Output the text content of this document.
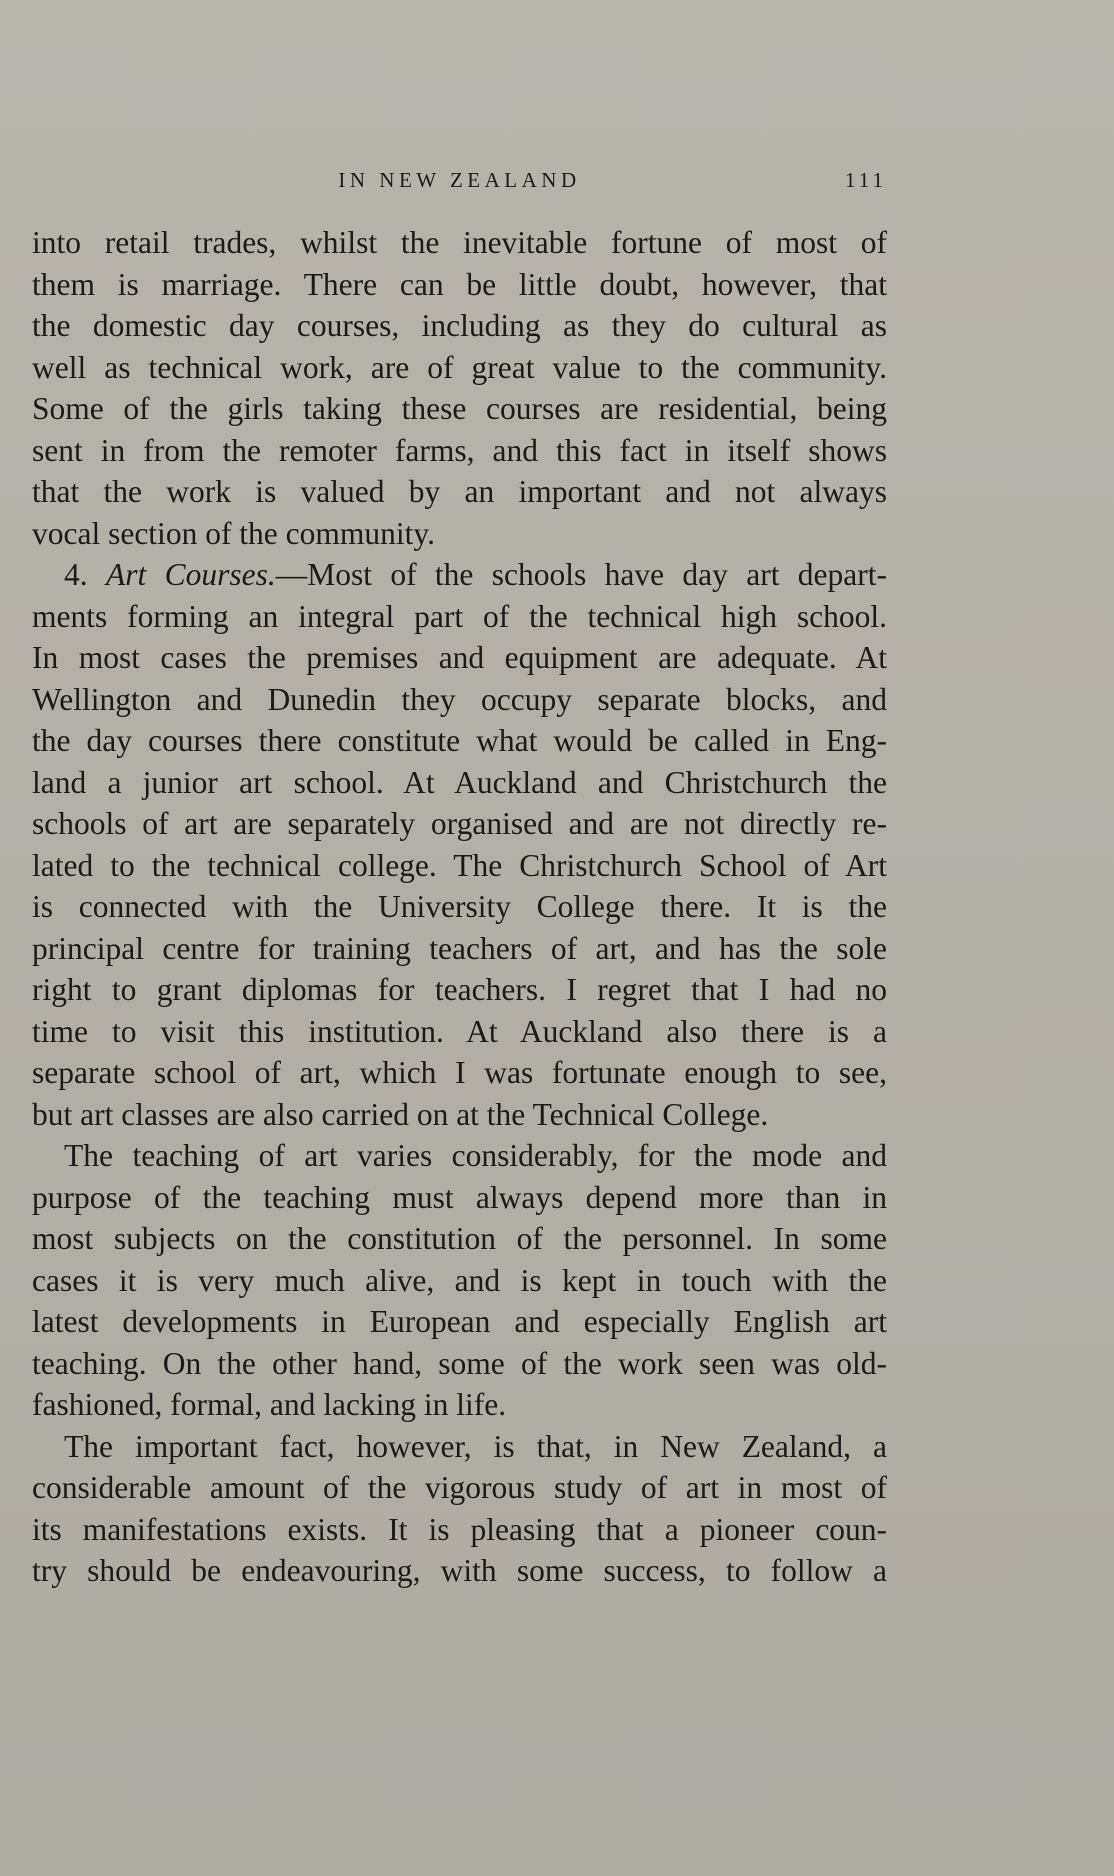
IN NEW ZEALAND	111
into retail trades, whilst the inevitable fortune of most of
them is marriage. There can be little doubt, however, that
the domestic day courses, including as they do cultural as
well as technical work, are of great value to the community.
Some of the girls taking these courses are residential, being
sent in from the remoter farms, and this fact in itself shows
that the work is valued by an important and not always
vocal section of the community.
4. Art Courses.—Most of the schools have day art depart-
ments forming an integral part of the technical high school.
In most cases the premises and equipment are adequate. At
Wellington and Dunedin they occupy separate blocks, and
the day courses there constitute what would be called in Eng-
land a junior art school. At Auckland and Christchurch the
schools of art are separately organised and are not directly re-
lated to the technical college. The Christchurch School of Art
is connected with the University College there. It is the
principal centre for training teachers of art, and has the sole
right to grant diplomas for teachers. I regret that I had no
time to visit this institution. At Auckland also there is a
separate school of art, which I was fortunate enough to see,
but art classes are also carried on at the Technical College.
The teaching of art varies considerably, for the mode and
purpose of the teaching must always depend more than in
most subjects on the constitution of the personnel. In some
cases it is very much alive, and is kept in touch with the
latest developments in European and especially English art
teaching. On the other hand, some of the work seen was old-
fashioned, formal, and lacking in life.
The important fact, however, is that, in New Zealand, a
considerable amount of the vigorous study of art in most of
its manifestations exists. It is pleasing that a pioneer coun-
try should be endeavouring, with some success, to follow a
